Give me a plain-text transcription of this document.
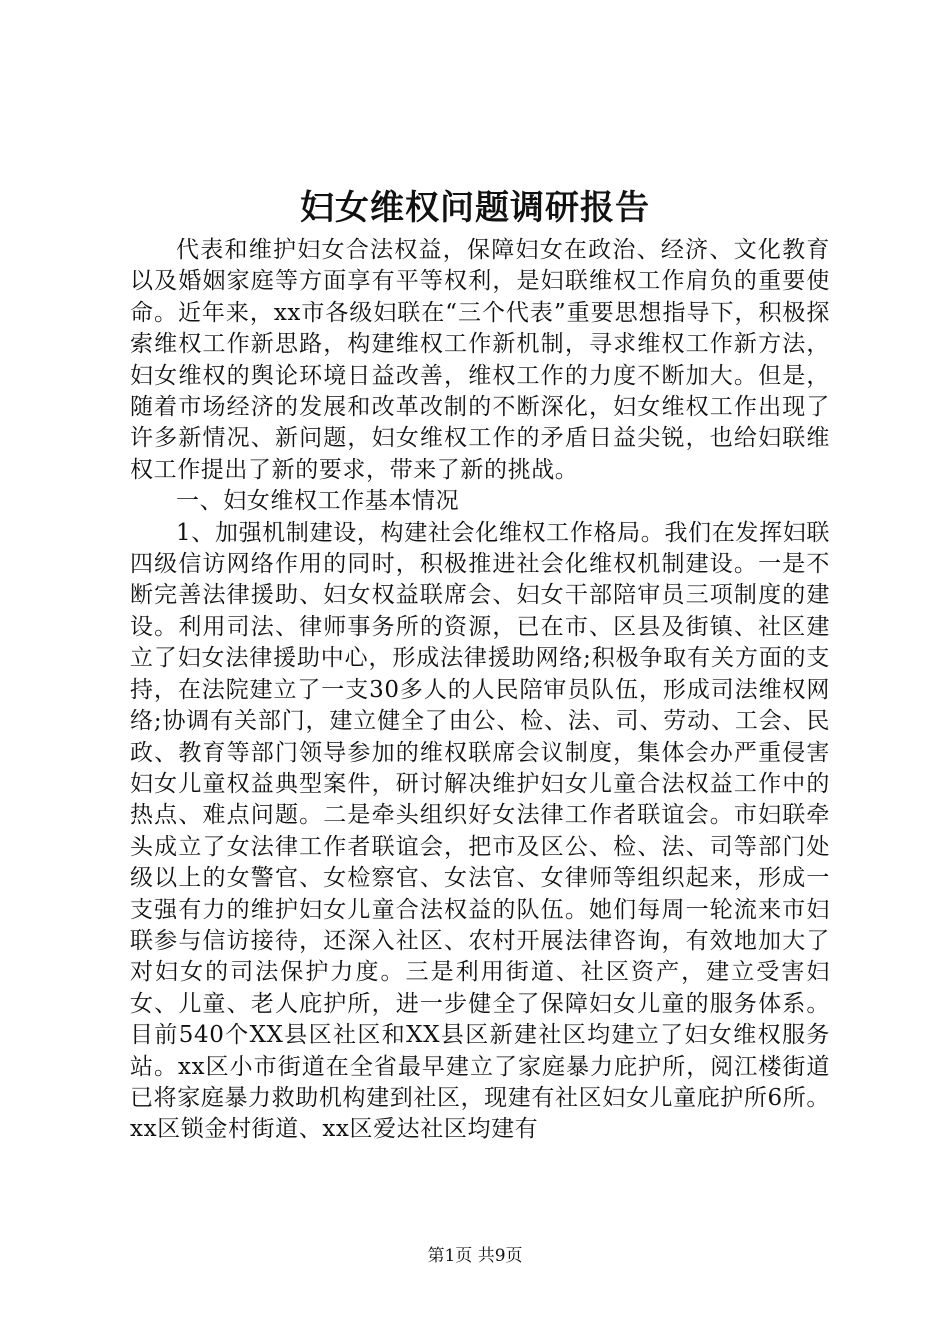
妇女维权问题调研报告

代表和维护妇女合法权益，保障妇女在政治、经济、文化教育以及婚姻家庭等方面享有平等权利，是妇联维权工作肩负的重要使命。近年来，xx市各级妇联在“三个代表”重要思想指导下，积极探索维权工作新思路，构建维权工作新机制，寻求维权工作新方法，妇女维权的舆论环境日益改善，维权工作的力度不断加大。但是，随着市场经济的发展和改革改制的不断深化，妇女维权工作出现了许多新情况、新问题，妇女维权工作的矛盾日益尖锐，也给妇联维权工作提出了新的要求，带来了新的挑战。

一、妇女维权工作基本情况

1、加强机制建设，构建社会化维权工作格局。我们在发挥妇联四级信访网络作用的同时，积极推进社会化维权机制建设。一是不断完善法律援助、妇女权益联席会、妇女干部陪审员三项制度的建设。利用司法、律师事务所的资源，已在市、区县及街镇、社区建立了妇女法律援助中心，形成法律援助网络;积极争取有关方面的支持，在法院建立了一支30多人的人民陪审员队伍，形成司法维权网络;协调有关部门，建立健全了由公、检、法、司、劳动、工会、民政、教育等部门领导参加的维权联席会议制度，集体会办严重侵害妇女儿童权益典型案件，研讨解决维护妇女儿童合法权益工作中的热点、难点问题。二是牵头组织好女法律工作者联谊会。市妇联牵头成立了女法律工作者联谊会，把市及区公、检、法、司等部门处级以上的女警官、女检察官、女法官、女律师等组织起来，形成一支强有力的维护妇女儿童合法权益的队伍。她们每周一轮流来市妇联参与信访接待，还深入社区、农村开展法律咨询，有效地加大了对妇女的司法保护力度。三是利用街道、社区资产，建立受害妇女、儿童、老人庇护所，进一步健全了保障妇女儿童的服务体系。目前540个XX县区社区和XX县区新建社区均建立了妇女维权服务站。xx区小市街道在全省最早建立了家庭暴力庇护所，阅江楼街道已将家庭暴力救助机构建到社区，现建有社区妇女儿童庇护所6所。xx区锁金村街道、xx区爱达社区均建有

第1页 共9页
